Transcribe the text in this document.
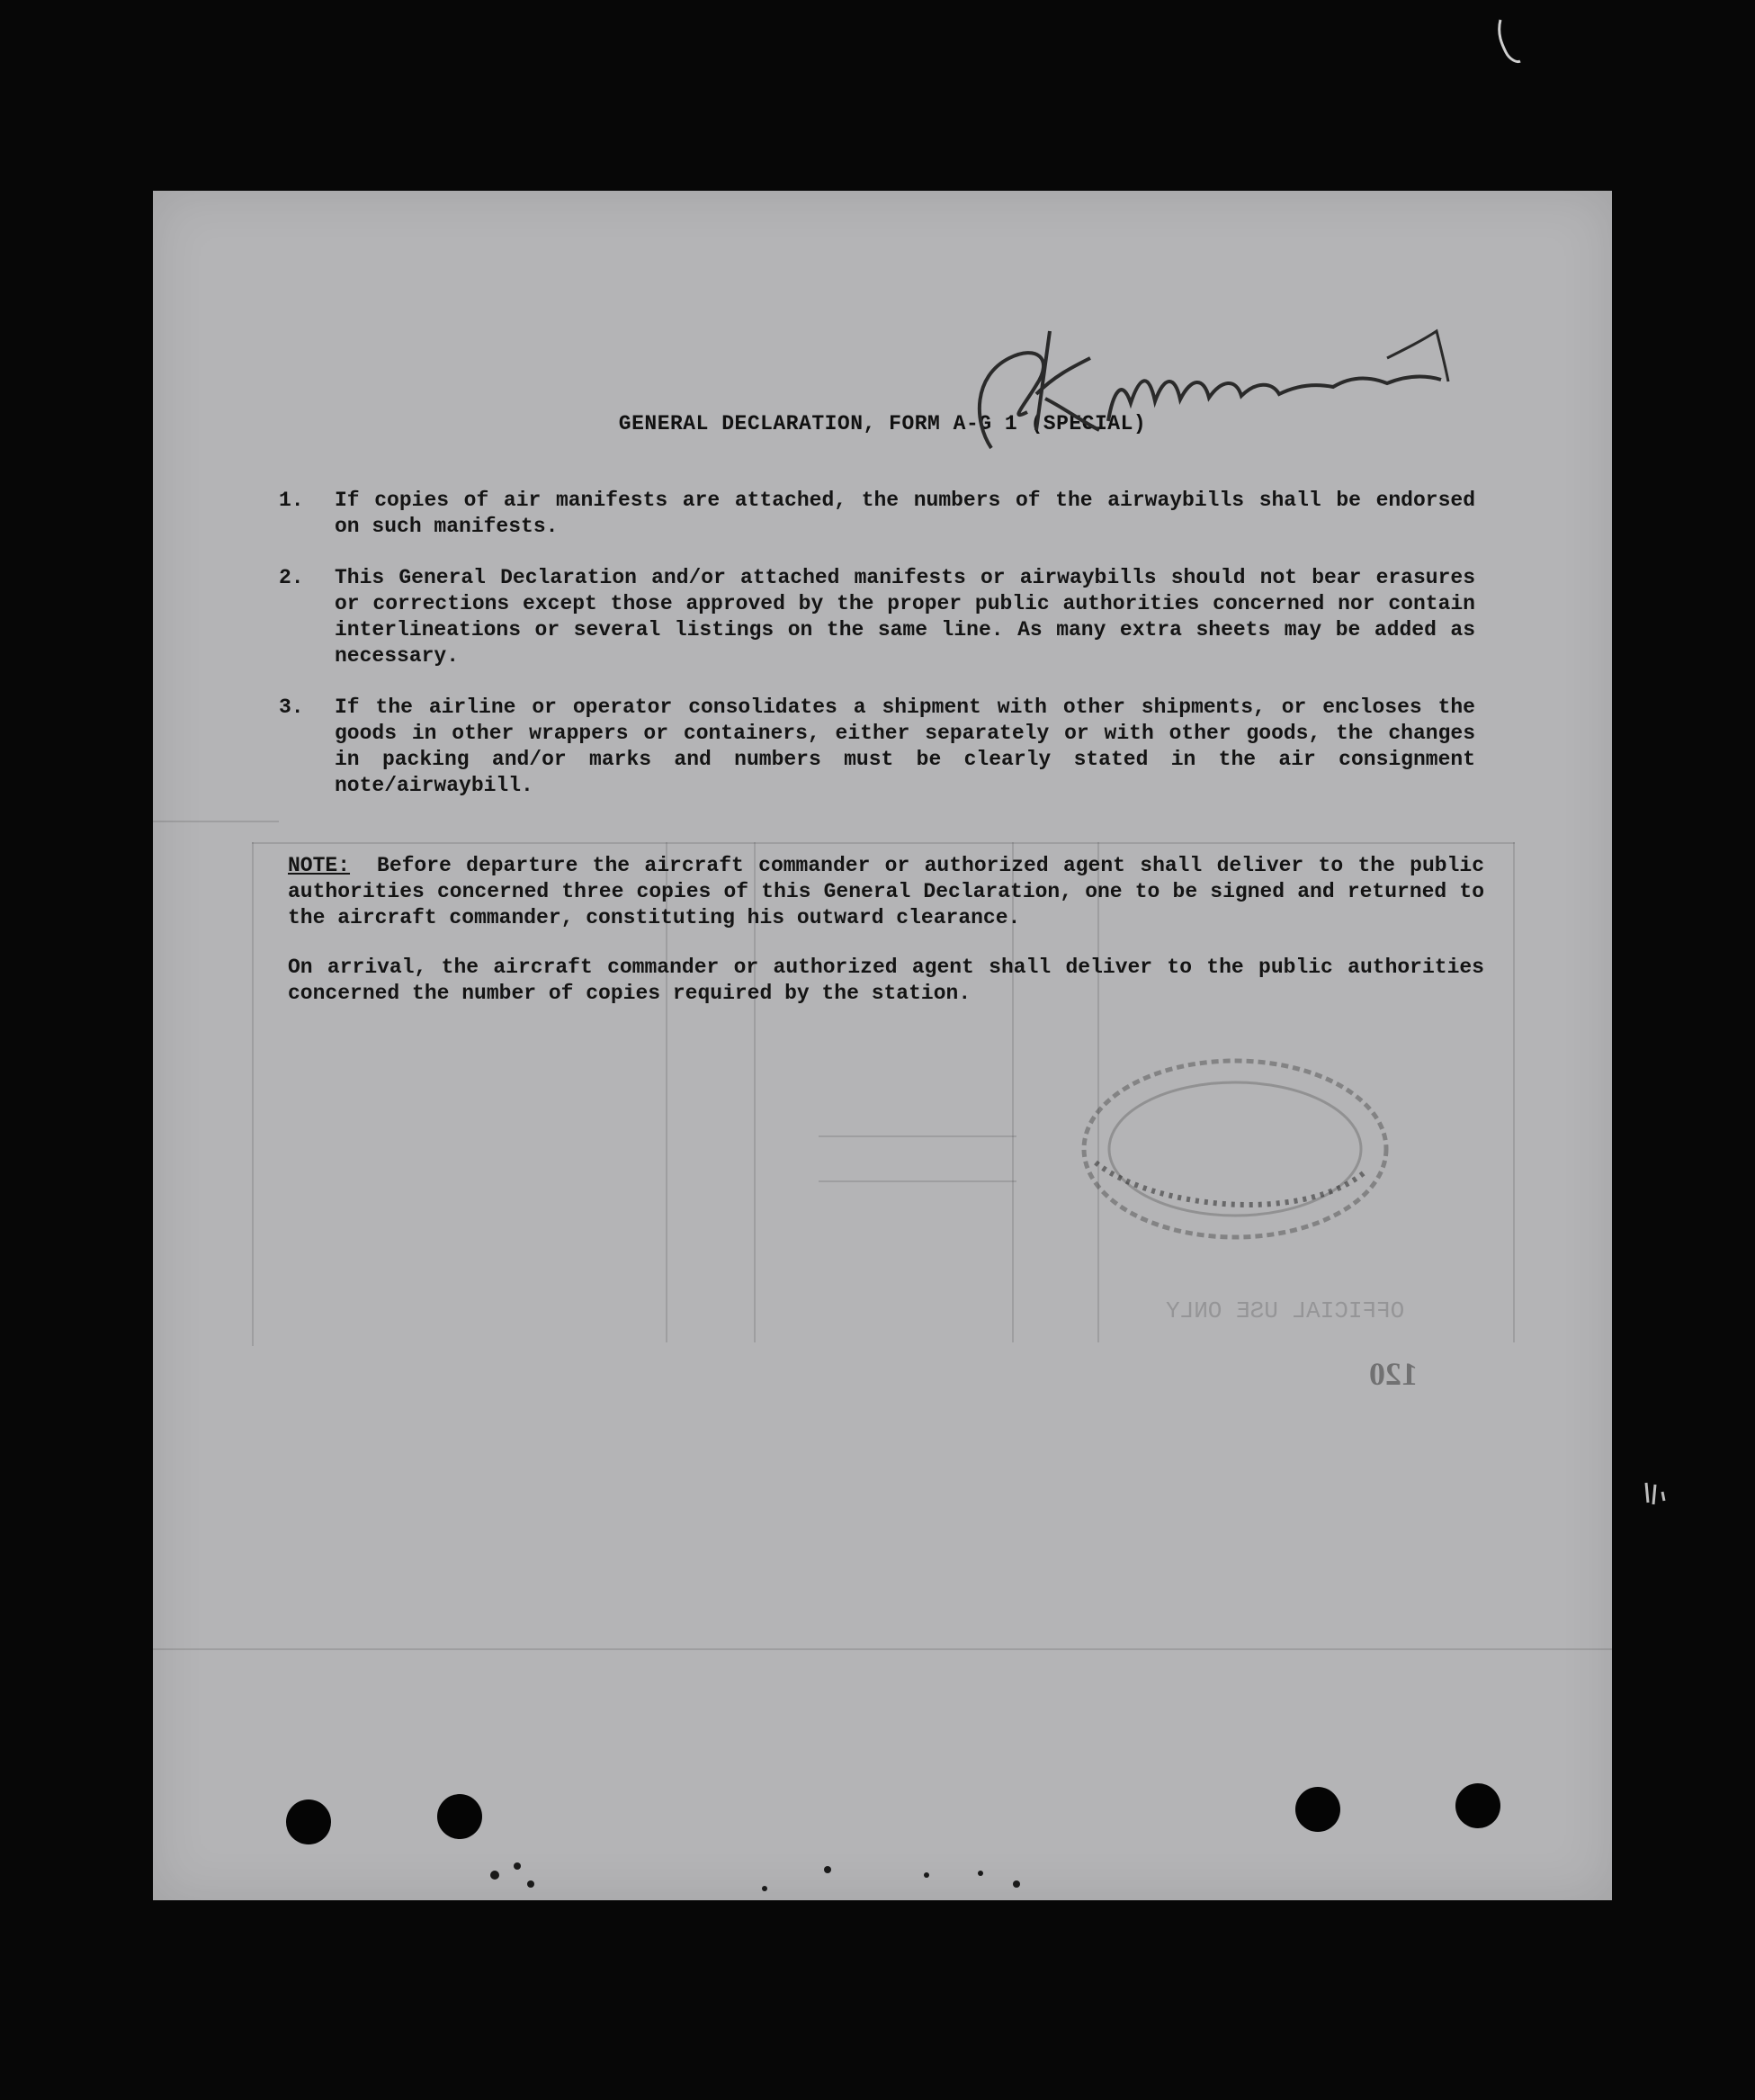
OFFICIAL USE ONLY
GENERAL DECLARATION, FORM A-G 1 (SPECIAL)
1.	If copies of air manifests are attached, the numbers of the airwaybills shall be endorsed on such manifests.
2.	This General Declaration and/or attached manifests or airwaybills should not bear erasures or corrections except those approved by the proper public authorities concerned nor contain interlineations or several listings on the same line. As many extra sheets may be added as necessary.
3.	If the airline or operator consolidates a shipment with other shipments, or encloses the goods in other wrappers or containers, either separately or with other goods, the changes in packing and/or marks and numbers must be clearly stated in the air consignment note/airwaybill.

NOTE: Before departure the aircraft commander or authorized agent shall deliver to the public authorities concerned three copies of this General Declaration, one to be signed and returned to the aircraft commander, constituting his outward clearance.

On arrival, the aircraft commander or authorized agent shall deliver to the public authorities concerned the number of copies required by the station.

120
